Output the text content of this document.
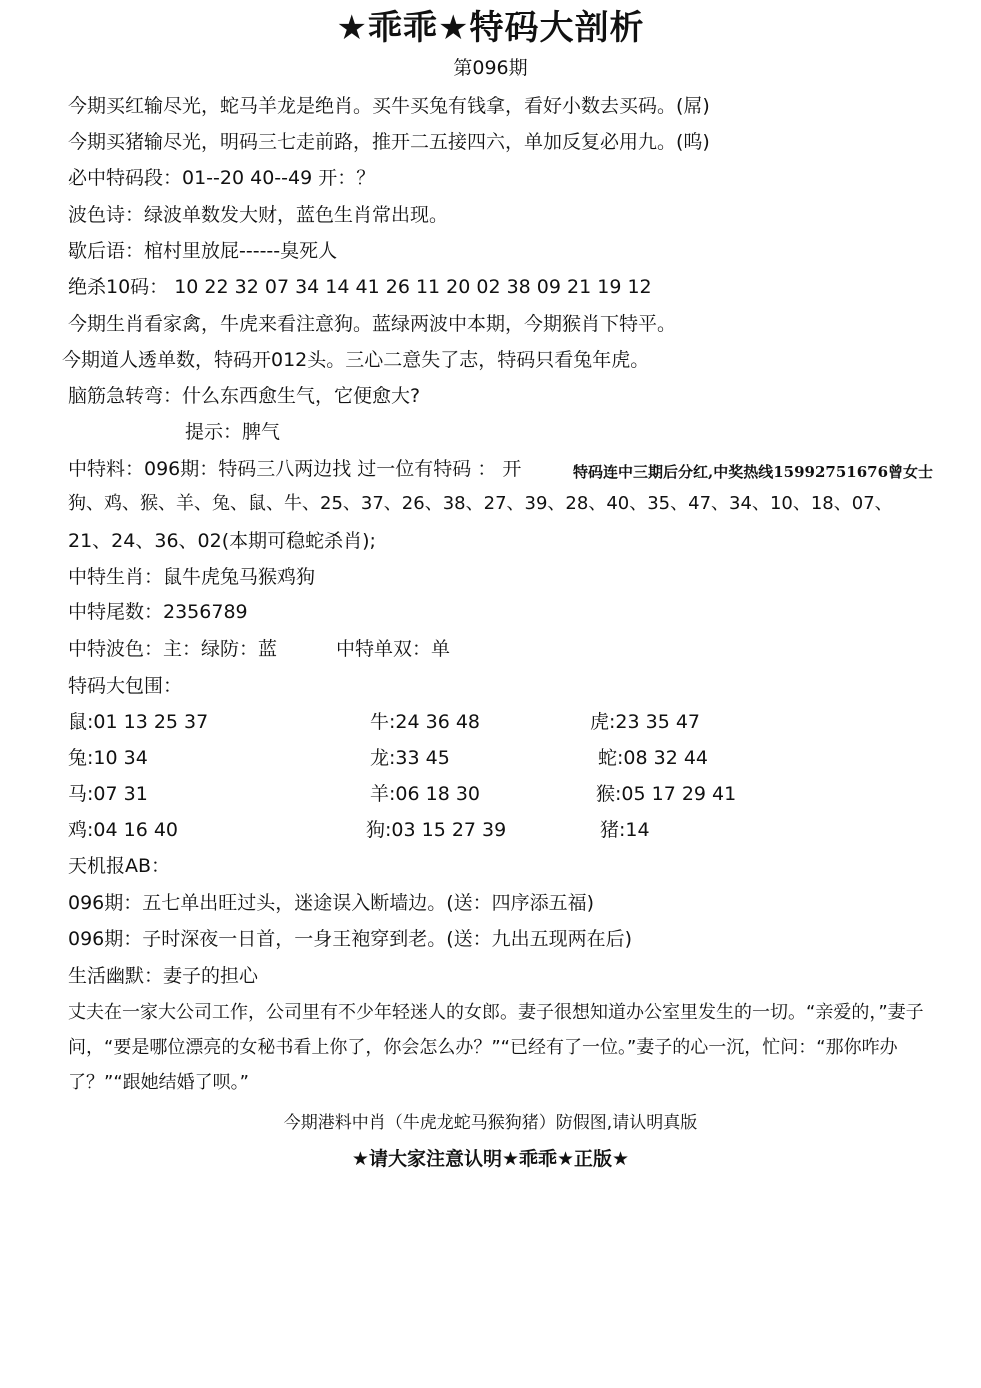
★乖乖★特码大剖析
第096期
今期买红输尽光，蛇马羊龙是绝肖。买牛买兔有钱拿，看好小数去买码。(屌)
今期买猪输尽光，明码三七走前路，推开二五接四六，单加反复必用九。(呜)
必中特码段：01--20 40--49 开：？
波色诗：绿波单数发大财，蓝色生肖常出现。
歇后语：棺村里放屁------臭死人
绝杀10码： 10 22 32 07 34 14 41 26 11 20 02 38 09 21 19 12
今期生肖看家禽，牛虎来看注意狗。蓝绿两波中本期，今期猴肖下特平。
今期道人透单数，特码开012头。三心二意失了志，特码只看兔年虎。
脑筋急转弯：什么东西愈生气，它便愈大?
提示：脾气
中特料：096期：特码三八两边找 过一位有特码 ： 开	特码连中三期后分红,中奖热线15992751676曾女士
狗、鸡、猴、羊、兔、鼠、牛、25、37、26、38、27、39、28、40、35、47、34、10、18、07、
21、24、36、02(本期可稳蛇杀肖);
中特生肖：鼠牛虎兔马猴鸡狗
中特尾数：2356789
中特波色：主：绿防：蓝	中特单双：单
特码大包围：
鼠:01 13 25 37	牛:24 36 48	虎:23 35 47
兔:10 34	龙:33 45	蛇:08 32 44
马:07 31	羊:06 18 30	猴:05 17 29 41
鸡:04 16 40	狗:03 15 27 39	猪:14
天机报AB：
096期：五七单出旺过头，迷途误入断墙边。(送：四序添五福)
096期：子时深夜一日首，一身王袍穿到老。(送：九出五现两在后)
生活幽默：妻子的担心
丈夫在一家大公司工作，公司里有不少年轻迷人的女郎。妻子很想知道办公室里发生的一切。“亲爱的，”妻子问，“要是哪位漂亮的女秘书看上你了，你会怎么办？”“已经有了一位。”妻子的心一沉，忙问：“那你咋办了？”“跟她结婚了呗。”
今期港料中肖（牛虎龙蛇马猴狗猪）防假图,请认明真版
★请大家注意认明★乖乖★正版★
